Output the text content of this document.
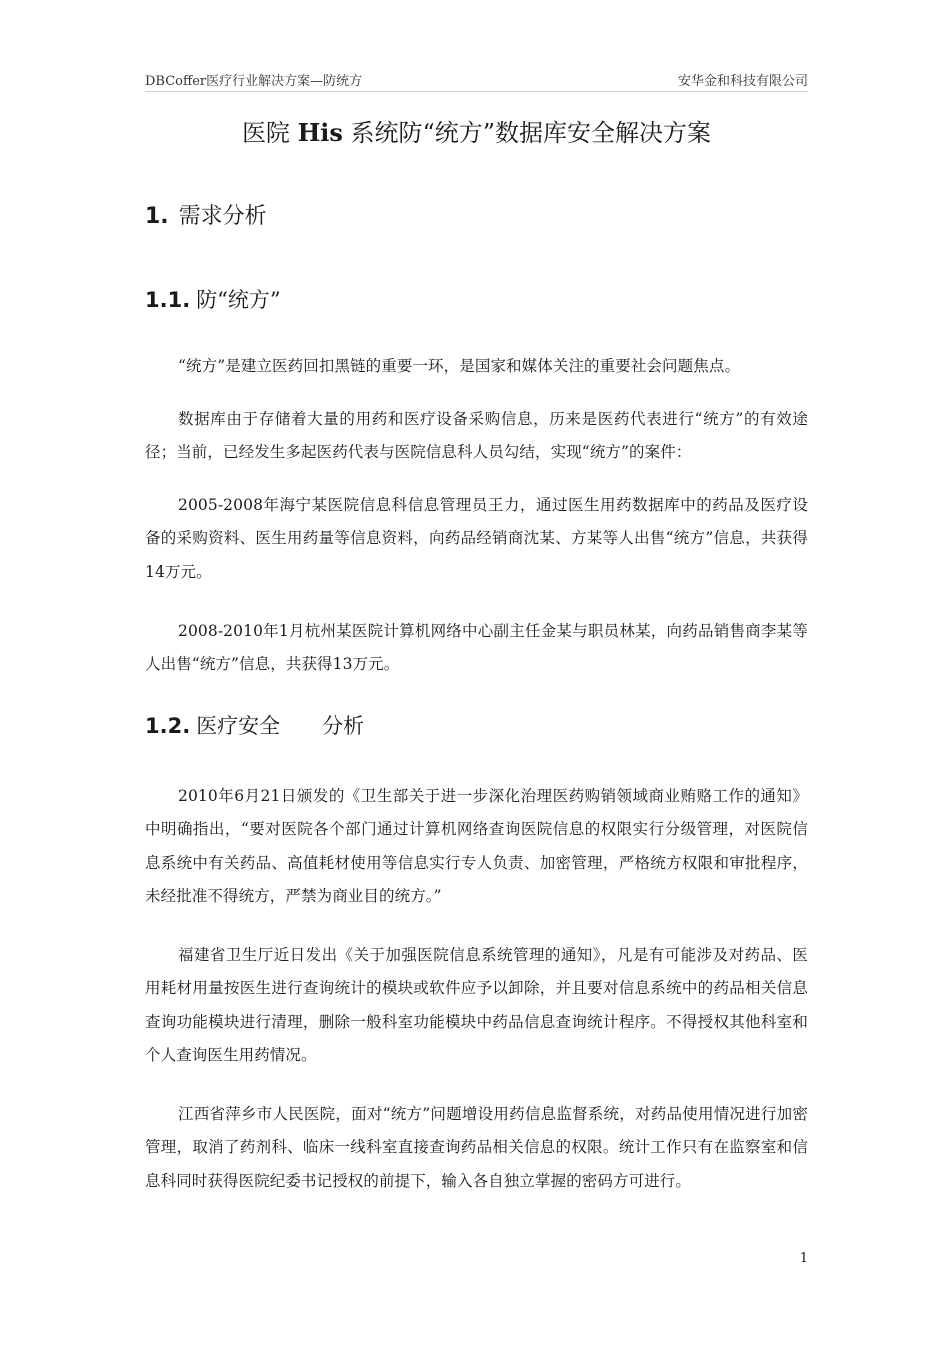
DBCoffer医疗行业解决方案—防统方	安华金和科技有限公司
医院 His 系统防“统方”数据库安全解决方案
1. 需求分析
1.1. 防“统方”

“统方”是建立医药回扣黑链的重要一环，是国家和媒体关注的重要社会问题焦点。

数据库由于存储着大量的用药和医疗设备采购信息，历来是医药代表进行“统方”的有效途径；当前，已经发生多起医药代表与医院信息科人员勾结，实现“统方”的案件：

2005-2008年海宁某医院信息科信息管理员王力，通过医生用药数据库中的药品及医疗设备的采购资料、医生用药量等信息资料，向药品经销商沈某、方某等人出售“统方”信息，共获得14万元。

2008-2010年1月杭州某医院计算机网络中心副主任金某与职员林某，向药品销售商李某等人出售“统方”信息，共获得13万元。

1.2. 医疗安全　　分析

2010年6月21日颁发的《卫生部关于进一步深化治理医药购销领域商业贿赂工作的通知》中明确指出，“要对医院各个部门通过计算机网络查询医院信息的权限实行分级管理，对医院信息系统中有关药品、高值耗材使用等信息实行专人负责、加密管理，严格统方权限和审批程序，未经批准不得统方，严禁为商业目的统方。”

福建省卫生厅近日发出《关于加强医院信息系统管理的通知》，凡是有可能涉及对药品、医用耗材用量按医生进行查询统计的模块或软件应予以卸除，并且要对信息系统中的药品相关信息查询功能模块进行清理，删除一般科室功能模块中药品信息查询统计程序。不得授权其他科室和个人查询医生用药情况。

江西省萍乡市人民医院，面对“统方”问题增设用药信息监督系统，对药品使用情况进行加密管理，取消了药剂科、临床一线科室直接查询药品相关信息的权限。统计工作只有在监察室和信息科同时获得医院纪委书记授权的前提下，输入各自独立掌握的密码方可进行。

1
